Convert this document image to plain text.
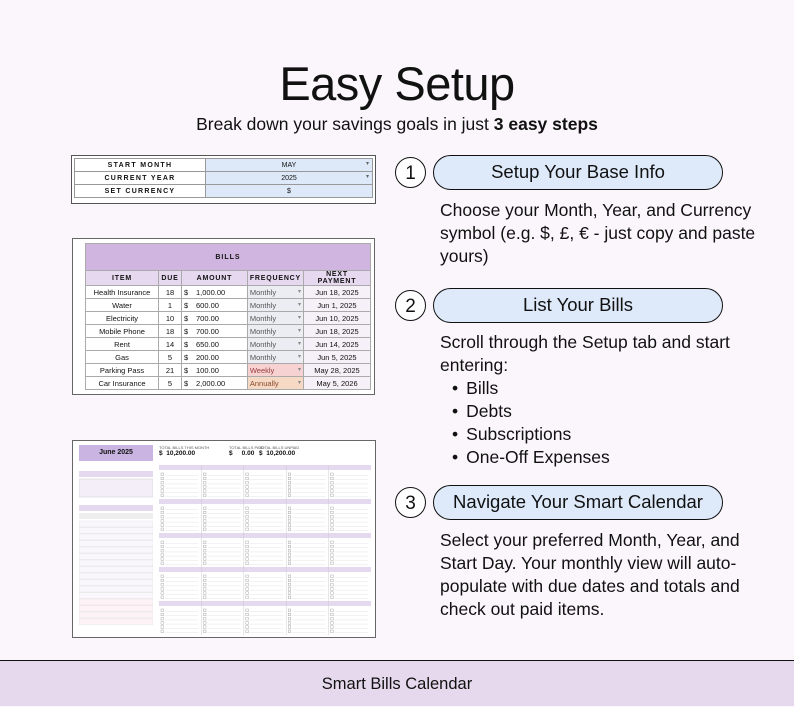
Easy Setup
Break down your savings goals in just 3 easy steps
START MONTH	MAY ▾

CURRENT YEAR	2025 ▾

SET CURRENCY	$
BILLS					
ITEM	DUE	AMOUNT		FREQUENCY	NEXT PAYMENT
Health Insurance	18	$	1,000.00	Monthly ▾	Jun 18, 2025
Water	1	$	600.00	Monthly ▾	Jun 1, 2025
Electricity	10	$	700.00	Monthly ▾	Jun 10, 2025
Mobile Phone	18	$	700.00	Monthly ▾	Jun 18, 2025
Rent	14	$	650.00	Monthly ▾	Jun 14, 2025
Gas	5	$	200.00	Monthly ▾	Jun 5, 2025
Parking Pass	21	$	100.00	Weekly ▾	May 28, 2025
Car Insurance	5	$	2,000.00	Annually ▾	May 5, 2026
June 2025
TOTAL BILLS THIS MONTH
$ 10,200.00
TOTAL BILLS PAID
$ 0.00
TOTAL BILLS UNPAID
$ 10,200.00
1	Setup Your Base Info
Choose your Month, Year, and Currency symbol (e.g. $, £, € - just copy and paste yours)
2	List Your Bills
Scroll through the Setup tab and start entering:
• Bills
• Debts
• Subscriptions
• One-Off Expenses
3	Navigate Your Smart Calendar
Select your preferred Month, Year, and Start Day. Your monthly view will auto-populate with due dates and totals and check out paid items.
Smart Bills Calendar
